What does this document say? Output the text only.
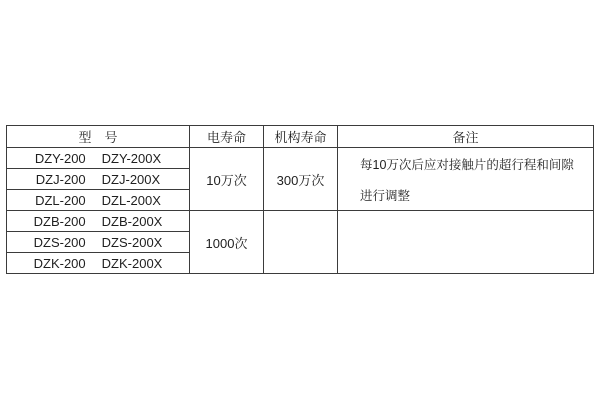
型　号	电寿命	机构寿命	备注
DZY-200 DZY-200X	10万次	300万次	每10万次后应对接触片的超行程和间隙
进行调整

DZJ-200 DZJ-200X			
DZL-200 DZL-200X			
DZB-200 DZB-200X	1000次		

DZS-200 DZS-200X			
DZK-200 DZK-200X			
